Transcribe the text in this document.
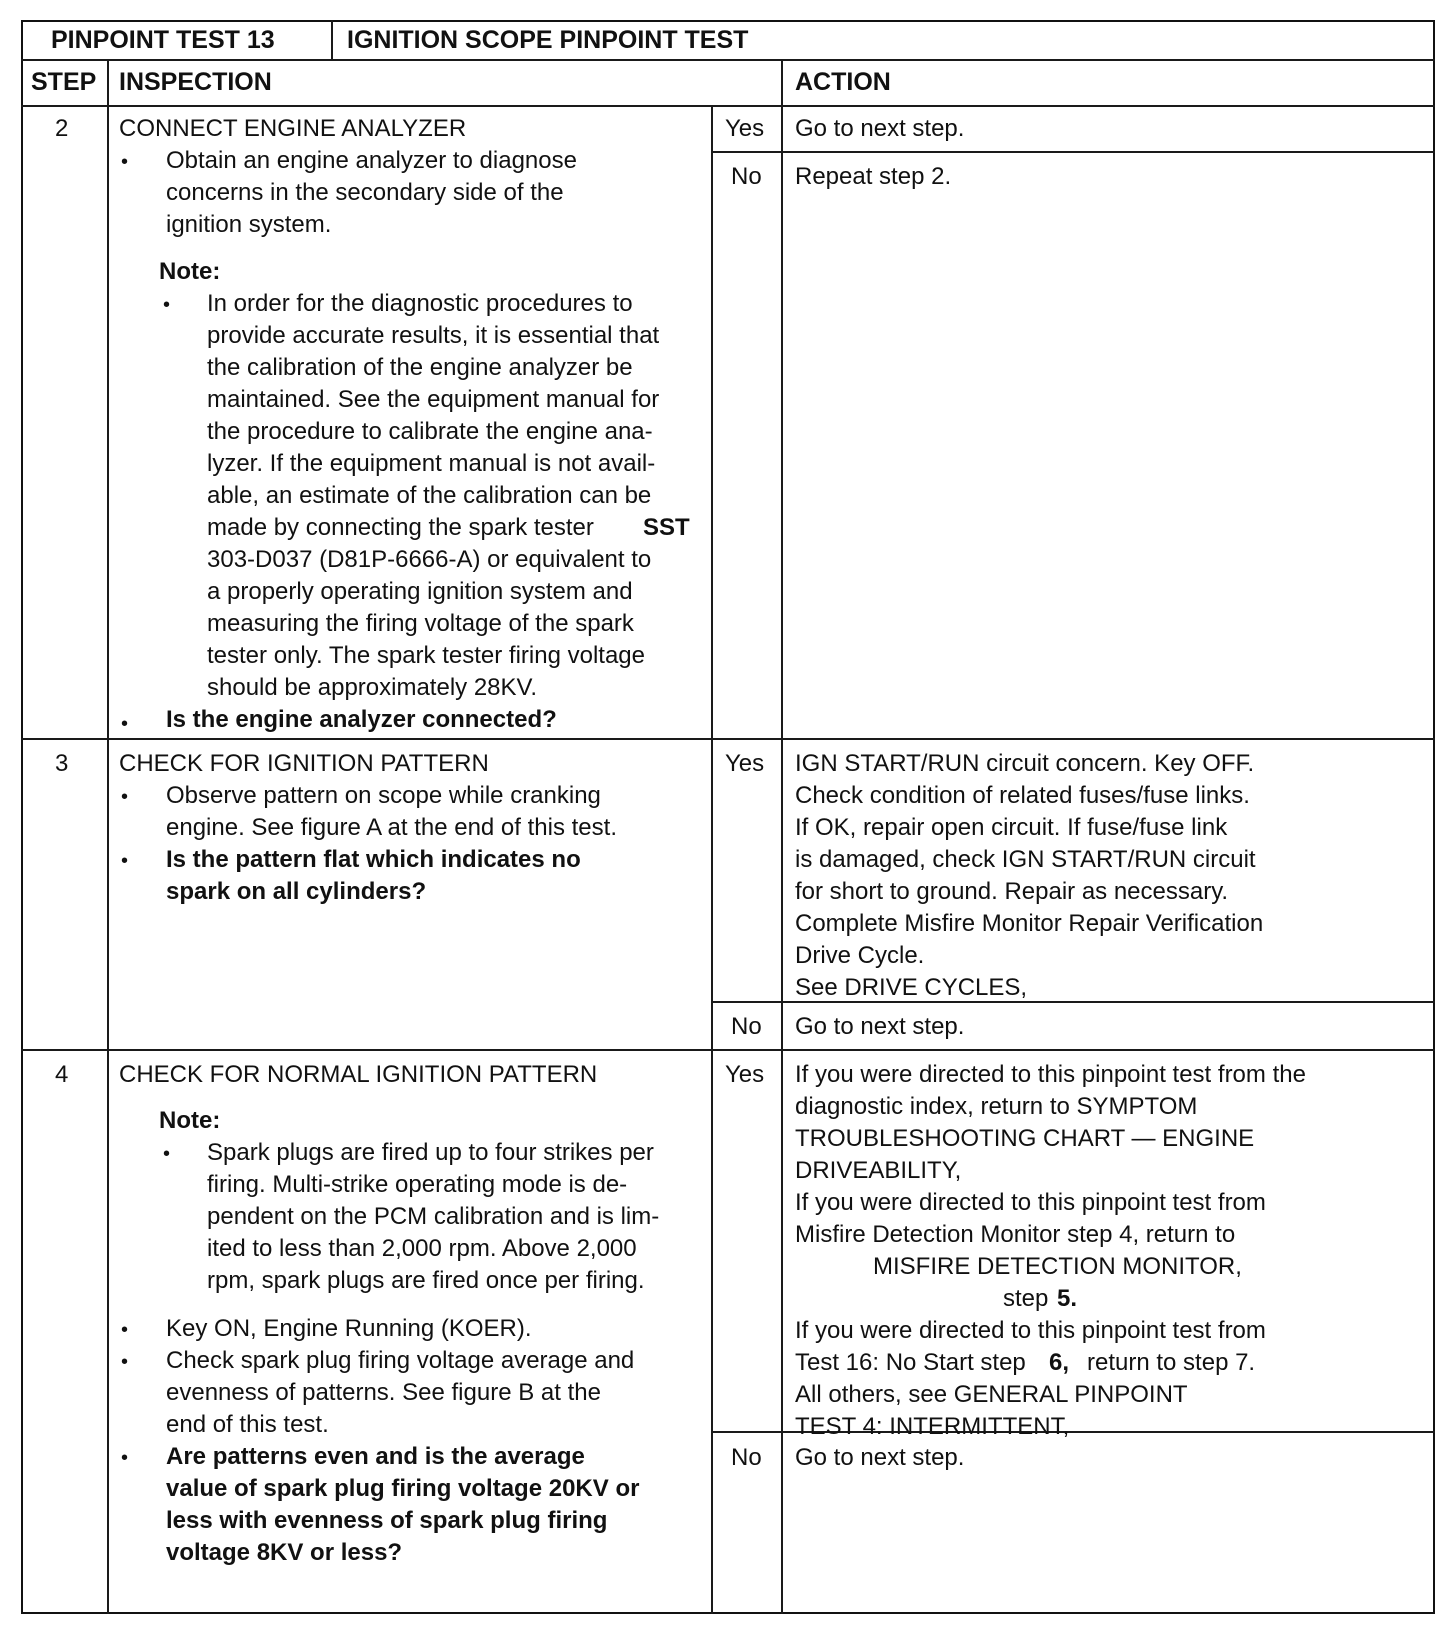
PINPOINT TEST 13	IGNITION SCOPE PINPOINT TEST
STEP INSPECTION	ACTION
2 CONNECT ENGINE ANALYZER
• Obtain an engine analyzer to diagnose
concerns in the secondary side of the
ignition system.
Note:
• In order for the diagnostic procedures to
provide accurate results, it is essential that
the calibration of the engine analyzer be
maintained. See the equipment manual for
the procedure to calibrate the engine ana-
lyzer. If the equipment manual is not avail-
able, an estimate of the calibration can be
made by connecting the spark tester SST
303-D037 (D81P-6666-A) or equivalent to
a properly operating ignition system and
measuring the firing voltage of the spark
tester only. The spark tester firing voltage
should be approximately 28KV.
• Is the engine analyzer connected?
Yes Go to next step.
No Repeat step 2.
3 CHECK FOR IGNITION PATTERN
• Observe pattern on scope while cranking
engine. See figure A at the end of this test.
• Is the pattern flat which indicates no
spark on all cylinders?
Yes IGN START/RUN circuit concern. Key OFF.
Check condition of related fuses/fuse links.
If OK, repair open circuit. If fuse/fuse link
is damaged, check IGN START/RUN circuit
for short to ground. Repair as necessary.
Complete Misfire Monitor Repair Verification
Drive Cycle.
See DRIVE CYCLES,
No Go to next step.
4 CHECK FOR NORMAL IGNITION PATTERN
Note:
• Spark plugs are fired up to four strikes per
firing. Multi-strike operating mode is de-
pendent on the PCM calibration and is lim-
ited to less than 2,000 rpm. Above 2,000
rpm, spark plugs are fired once per firing.
• Key ON, Engine Running (KOER).
• Check spark plug firing voltage average and
evenness of patterns. See figure B at the
end of this test.
• Are patterns even and is the average
value of spark plug firing voltage 20KV or
less with evenness of spark plug firing
voltage 8KV or less?
Yes If you were directed to this pinpoint test from the
diagnostic index, return to SYMPTOM
TROUBLESHOOTING CHART — ENGINE
DRIVEABILITY,
If you were directed to this pinpoint test from
Misfire Detection Monitor step 4, return to
MISFIRE DETECTION MONITOR,
step 5.
If you were directed to this pinpoint test from
Test 16: No Start step 6, return to step 7.
All others, see GENERAL PINPOINT
TEST 4: INTERMITTENT,
No Go to next step.
